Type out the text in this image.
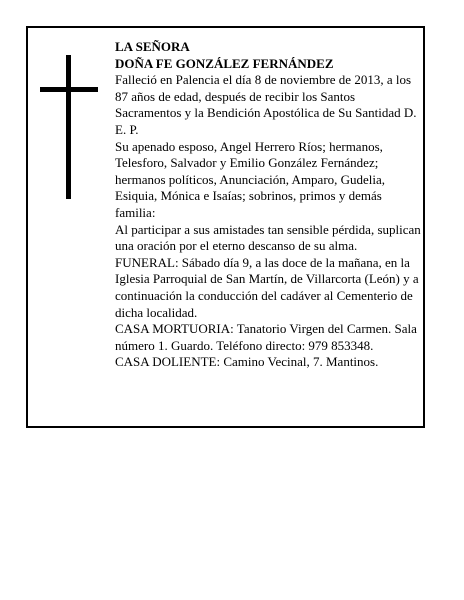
LA SEÑORA

DOÑA FE GONZÁLEZ FERNÁNDEZ

Falleció en Palencia el día 8 de noviembre de 2013, a los 87 años de edad, después de recibir los Santos Sacramentos y la Bendición Apostólica de Su Santidad D. E. P.

Su apenado esposo, Angel Herrero Ríos; hermanos, Telesforo, Salvador y Emilio González Fernández; hermanos políticos, Anunciación, Amparo, Gudelia, Esiquia, Mónica e Isaías; sobrinos, primos y demás familia:

Al participar a sus amistades tan sensible pérdida, suplican una oración por el eterno descanso de su alma.

FUNERAL: Sábado día 9, a las doce de la mañana, en la Iglesia Parroquial de San Martín, de Villarcorta (León) y a continuación la conducción del cadáver al Cementerio de dicha localidad.

CASA MORTUORIA: Tanatorio Virgen del Carmen. Sala número 1. Guardo. Teléfono directo: 979 853348.

CASA DOLIENTE: Camino Vecinal, 7. Mantinos.
